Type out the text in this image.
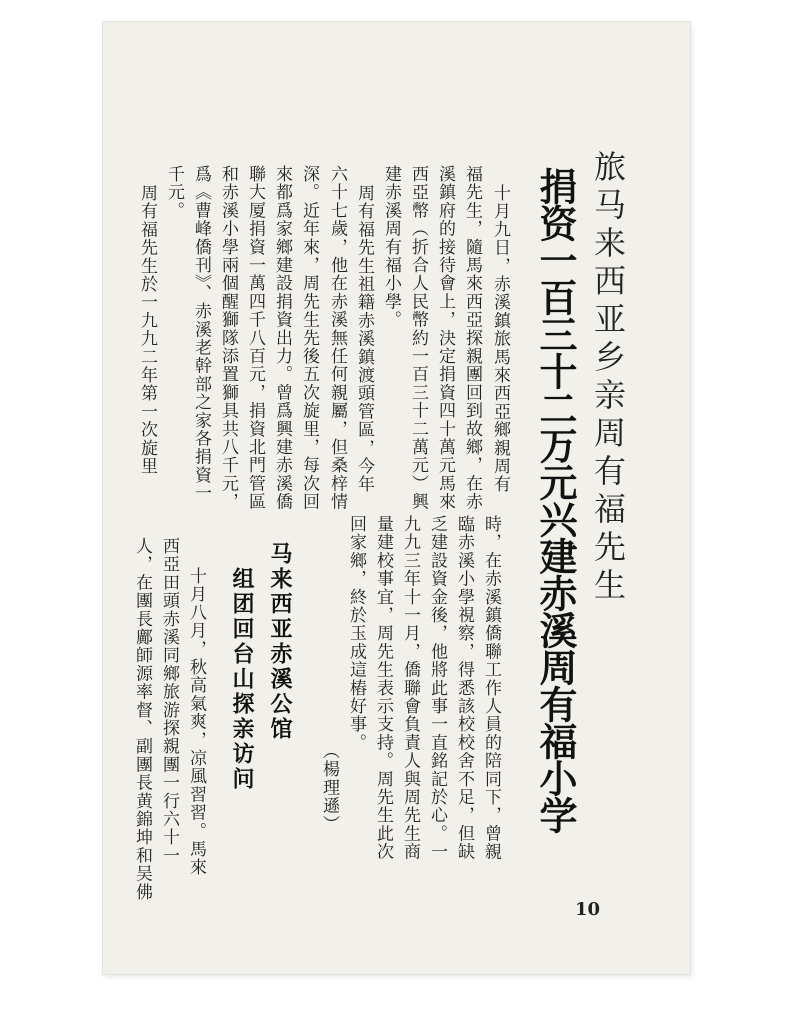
旅马来西亚乡亲周有福先生
捐资一百三十二万元兴建赤溪周有福小学
十月九日，赤溪鎮旅馬來西亞鄉親周有
福先生，隨馬來西亞探親團回到故鄉，在赤
溪鎮府的接待會上，決定捐資四十萬元馬來
西亞幣（折合人民幣約一百三十二萬元）興
建赤溪周有福小學。
周有福先生祖籍赤溪鎮渡頭管區，今年
六十七歲，他在赤溪無任何親屬，但桑梓情
深。近年來，周先生先後五次旋里，每次回
來都爲家鄉建設捐資出力。曾爲興建赤溪僑
聯大厦捐資一萬四千八百元，捐資北門管區
和赤溪小學兩個醒獅隊添置獅具共八千元，
爲《曹峰僑刊》、赤溪老幹部之家各捐資一
千元。
周有福先生於一九九二年第一次旋里
時，在赤溪鎮僑聯工作人員的陪同下，曾親
臨赤溪小學視察，得悉該校校舍不足，但缺
乏建設資金後，他將此事一直銘記於心。一
九九三年十一月，僑聯會負責人與周先生商
量建校事宜，周先生表示支持。周先生此次
回家鄉，終於玉成這樁好事。
（楊理遜）
马来西亚赤溪公馆
组团回台山探亲访问
十月八月，秋高氣爽，凉風習習。馬來
西亞田頭赤溪同鄉旅游探親團一行六十一
人，在團長鄺師源率督、副團長黄錦坤和吴佛
10
